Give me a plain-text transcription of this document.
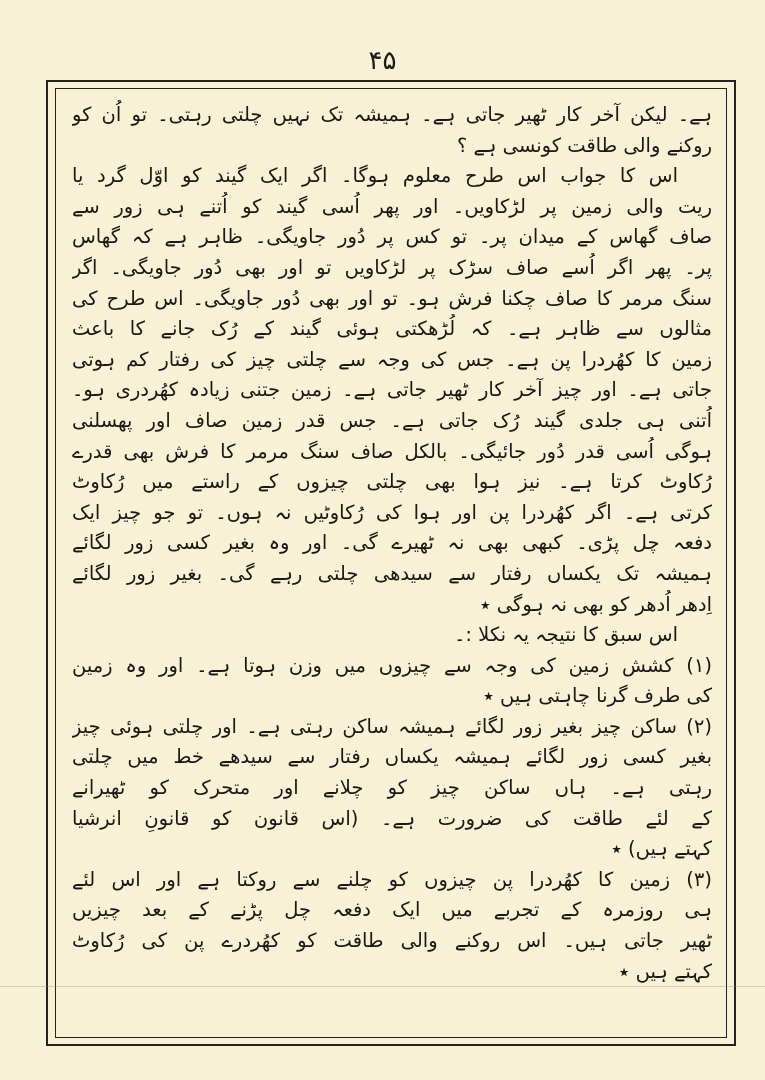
۴۵
ہے۔ لیکن آخر کار ٹھیر جاتی ہے۔ ہمیشہ تک نہیں چلتی رہتی۔ تو اُن کو
روکنے والی طاقت کونسی ہے ؟
اس کا جواب اس طرح معلوم ہوگا۔ اگر ایک گیند کو اوّل گرد یا
ریت والی زمین پر لڑکاویں۔ اور پھر اُسی گیند کو اُتنے ہی زور سے
صاف گھاس کے میدان پر۔ تو کس پر دُور جاویگی۔ ظاہر ہے کہ گھاس
پر۔ پھر اگر اُسے صاف سڑک پر لڑکاویں تو اور بھی دُور جاویگی۔ اگر
سنگ مرمر کا صاف چکنا فرش ہو۔ تو اور بھی دُور جاویگی۔ اس طرح کی
مثالوں سے ظاہر ہے۔ کہ لُڑھکتی ہوئی گیند کے رُک جانے کا باعث
زمین کا کھُردرا پن ہے۔ جس کی وجہ سے چلتی چیز کی رفتار کم ہوتی
جاتی ہے۔ اور چیز آخر کار ٹھیر جاتی ہے۔ زمین جتنی زیادہ کھُردری ہو۔
اُتنی ہی جلدی گیند رُک جاتی ہے۔ جس قدر زمین صاف اور پھسلنی
ہوگی اُسی قدر دُور جائیگی۔ بالکل صاف سنگ مرمر کا فرش بھی قدرے
رُکاوٹ کرتا ہے۔ نیز ہوا بھی چلتی چیزوں کے راستے میں رُکاوٹ
کرتی ہے۔ اگر کھُردرا پن اور ہوا کی رُکاوٹیں نہ ہوں۔ تو جو چیز ایک
دفعہ چل پڑی۔ کبھی بھی نہ ٹھیرے گی۔ اور وہ بغیر کسی زور لگائے
ہمیشہ تک یکساں رفتار سے سیدھی چلتی رہے گی۔ بغیر زور لگائے
اِدھر اُدھر کو بھی نہ ہوگی ٭
اس سبق کا نتیجہ یہ نکلا :۔
(۱) کشش زمین کی وجہ سے چیزوں میں وزن ہوتا ہے۔ اور وہ زمین
کی طرف گرنا چاہتی ہیں ٭
(۲) ساکن چیز بغیر زور لگائے ہمیشہ ساکن رہتی ہے۔ اور چلتی ہوئی چیز
بغیر کسی زور لگائے ہمیشہ یکساں رفتار سے سیدھے خط میں چلتی
رہتی ہے۔ ہاں ساکن چیز کو چلانے اور متحرک کو ٹھیرانے
کے لئے طاقت کی ضرورت ہے۔ (اس قانون کو قانونِ انرشیا
کہتے ہیں) ٭
(۳) زمین کا کھُردرا پن چیزوں کو چلنے سے روکتا ہے اور اس لئے
ہی روزمرہ کے تجربے میں ایک دفعہ چل پڑنے کے بعد چیزیں
ٹھیر جاتی ہیں۔ اس روکنے والی طاقت کو کھُردرے پن کی رُکاوٹ
کہتے ہیں ٭
